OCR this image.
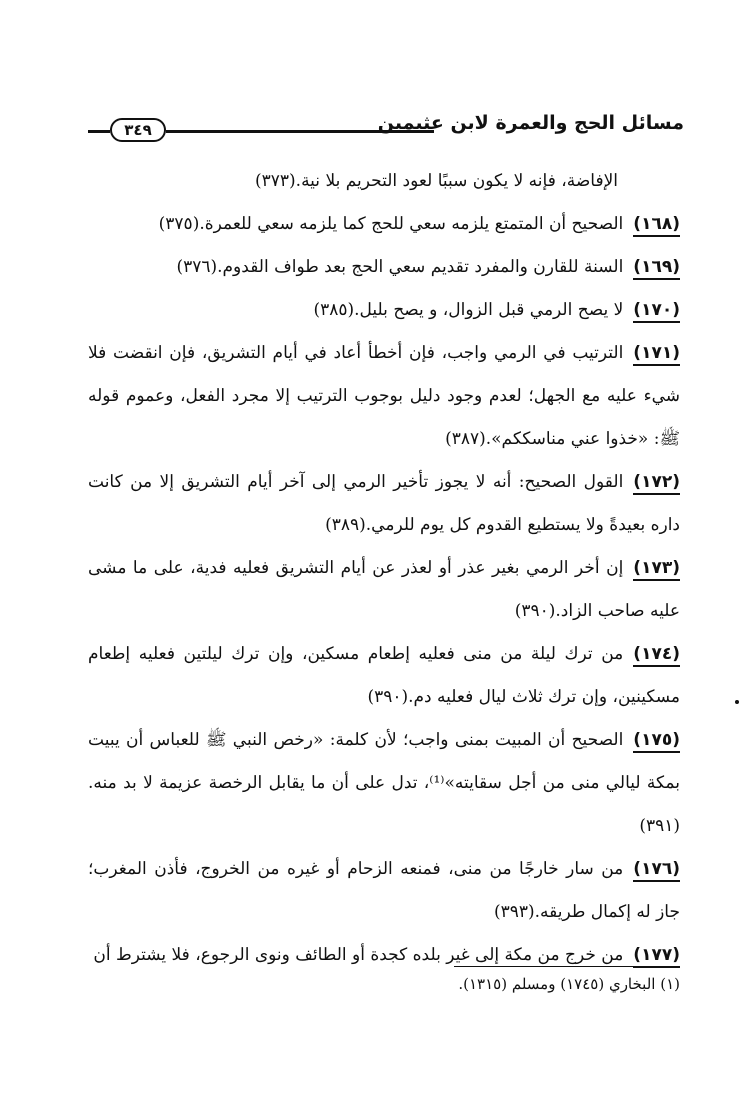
٣٤٩	مسائل الحج والعمرة لابن عثيمين
الإفاضة، فإنه لا يكون سببًا لعود التحريم بلا نية.(٣٧٣)
(١٦٨)الصحيح أن المتمتع يلزمه سعي للحج كما يلزمه سعي للعمرة.(٣٧٥)
(١٦٩)السنة للقارن والمفرد تقديم سعي الحج بعد طواف القدوم.(٣٧٦)
(١٧٠)لا يصح الرمي قبل الزوال، و يصح بليل.(٣٨٥)
(١٧١)الترتيب في الرمي واجب، فإن أخطأ أعاد في أيام التشريق، فإن انقضت فلا شيء عليه مع الجهل؛ لعدم وجود دليل بوجوب الترتيب إلا مجرد الفعل، وعموم قوله ﷺ: «خذوا عني مناسككم».(٣٨٧)
(١٧٢)القول الصحيح: أنه لا يجوز تأخير الرمي إلى آخر أيام التشريق إلا من كانت داره بعيدةً ولا يستطيع القدوم كل يوم للرمي.(٣٨٩)
(١٧٣)إن أخر الرمي بغير عذر أو لعذر عن أيام التشريق فعليه فدية، على ما مشى عليه صاحب الزاد.(٣٩٠)
(١٧٤)من ترك ليلة من منى فعليه إطعام مسكين، وإن ترك ليلتين فعليه إطعام مسكينين، وإن ترك ثلاث ليال فعليه دم.(٣٩٠)
(١٧٥)الصحيح أن المبيت بمنى واجب؛ لأن كلمة: «رخص النبي ﷺ للعباس أن يبيت بمكة ليالي منى من أجل سقايته»⁽¹⁾، تدل على أن ما يقابل الرخصة عزيمة لا بد منه.(٣٩١)
(١٧٦)من سار خارجًا من منى، فمنعه الزحام أو غيره من الخروج، فأذن المغرب؛ جاز له إكمال طريقه.(٣٩٣)
(١٧٧)من خرج من مكة إلى غير بلده كجدة أو الطائف ونوى الرجوع، فلا يشترط أن
(١) البخاري (١٧٤٥) ومسلم (١٣١٥).
